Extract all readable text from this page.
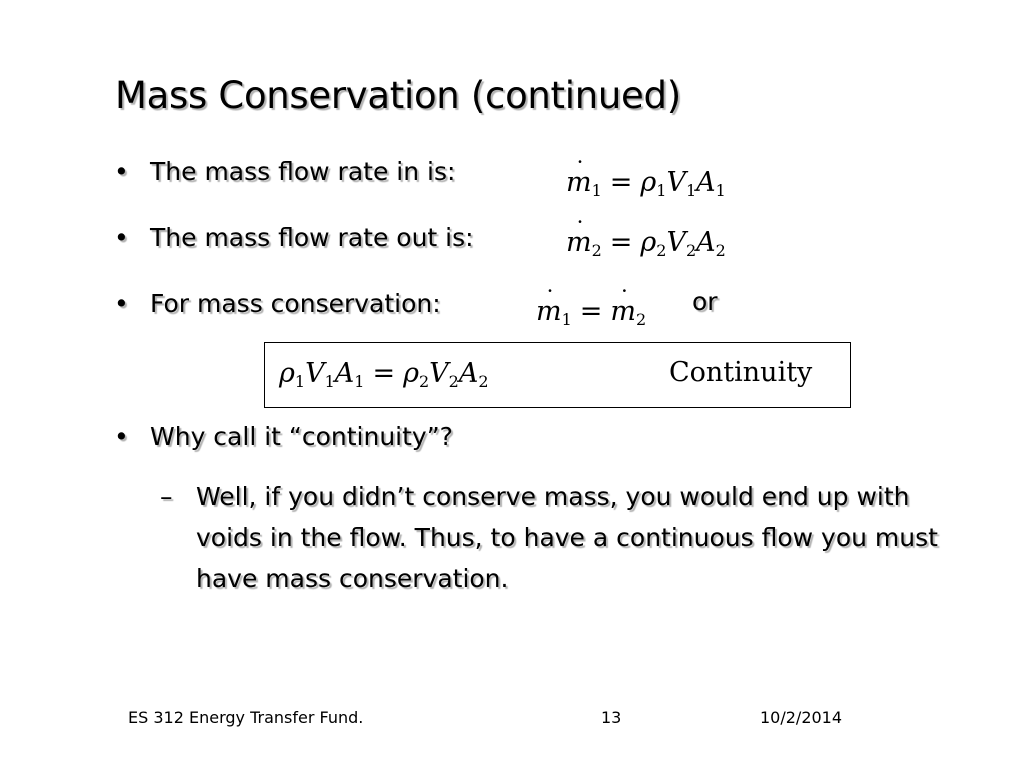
Mass Conservation (continued)
• The mass flow rate in is:	˙ $m_1 = \rho_1V_1A_1$
• The mass flow rate out is:	˙ $m_2 = \rho_2V_2A_2$
• For mass conservation:	˙ $m_1$ = ˙ $m_2$
or
$\rho_1V_1A_1 = \rho_2V_2A_2$	Continuity
• Why call it “continuity”?
– Well, if you didn’t conserve mass, you would end up with voids in the flow. Thus, to have a continuous flow you must have mass conservation.
ES 312 Energy Transfer Fund.	13	10/2/2014
